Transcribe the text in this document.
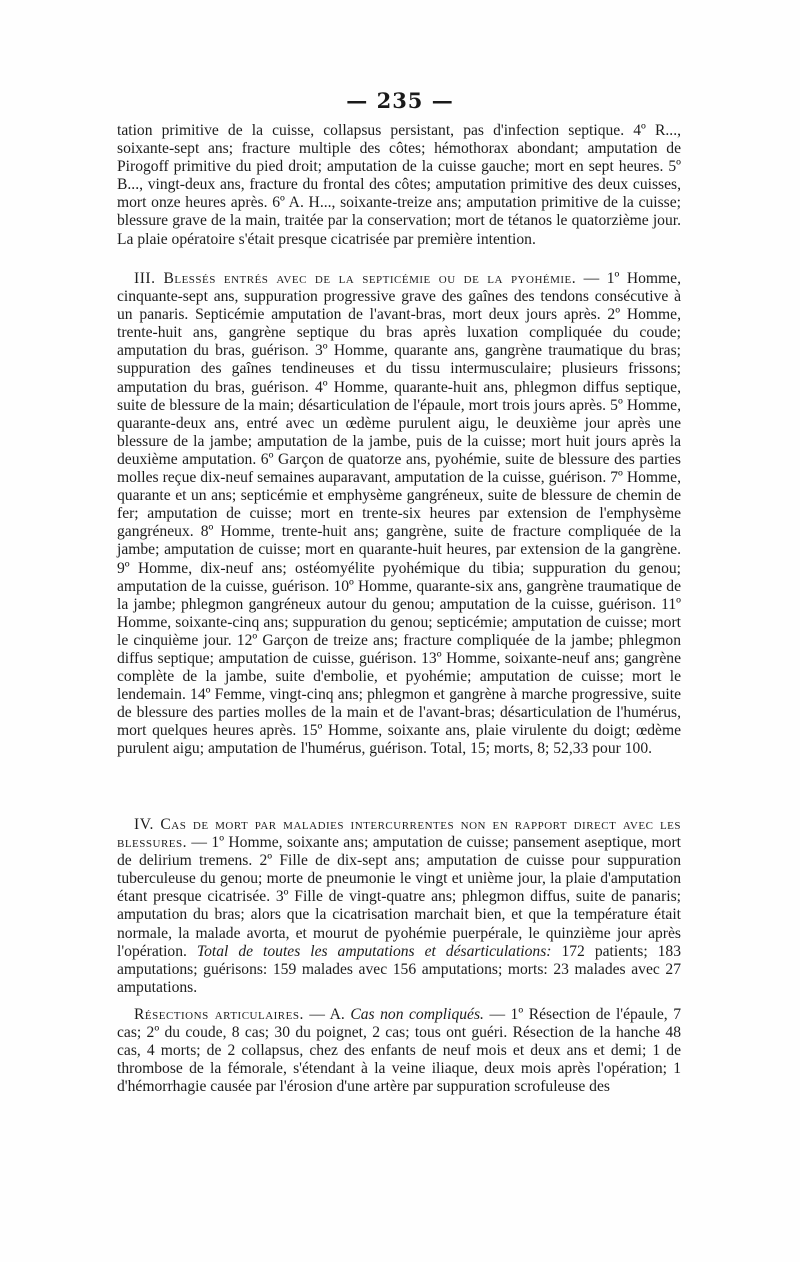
— 235 —

tation primitive de la cuisse, collapsus persistant, pas d'infection septique. 4º R..., soixante-sept ans; fracture multiple des côtes; hémothorax abondant; amputation de Pirogoff primitive du pied droit; amputation de la cuisse gauche; mort en sept heures. 5º B..., vingt-deux ans, fracture du frontal des côtes; amputation primitive des deux cuisses, mort onze heures après. 6º A. H..., soixante-treize ans; amputation primitive de la cuisse; blessure grave de la main, traitée par la conservation; mort de tétanos le quatorzième jour. La plaie opératoire s'était presque cicatrisée par première intention.

III. Blessés entrés avec de la septicémie ou de la pyohémie. — 1º Homme, cinquante-sept ans, suppuration progressive grave des gaînes des tendons consécutive à un panaris. Septicémie amputation de l'avant-bras, mort deux jours après. 2º Homme, trente-huit ans, gangrène septique du bras après luxation compliquée du coude; amputation du bras, guérison. 3º Homme, quarante ans, gangrène traumatique du bras; suppuration des gaînes tendineuses et du tissu intermusculaire; plusieurs frissons; amputation du bras, guérison. 4º Homme, quarante-huit ans, phlegmon diffus septique, suite de blessure de la main; désarticulation de l'épaule, mort trois jours après. 5º Homme, quarante-deux ans, entré avec un œdème purulent aigu, le deuxième jour après une blessure de la jambe; amputation de la jambe, puis de la cuisse; mort huit jours après la deuxième amputation. 6º Garçon de quatorze ans, pyohémie, suite de blessure des parties molles reçue dix-neuf semaines auparavant, amputation de la cuisse, guérison. 7º Homme, quarante et un ans; septicémie et emphysème gangréneux, suite de blessure de chemin de fer; amputation de cuisse; mort en trente-six heures par extension de l'emphysème gangréneux. 8º Homme, trente-huit ans; gangrène, suite de fracture compliquée de la jambe; amputation de cuisse; mort en quarante-huit heures, par extension de la gangrène. 9º Homme, dix-neuf ans; ostéomyélite pyohémique du tibia; suppuration du genou; amputation de la cuisse, guérison. 10º Homme, quarante-six ans, gangrène traumatique de la jambe; phlegmon gangréneux autour du genou; amputation de la cuisse, guérison. 11º Homme, soixante-cinq ans; suppuration du genou; septicémie; amputation de cuisse; mort le cinquième jour. 12º Garçon de treize ans; fracture compliquée de la jambe; phlegmon diffus septique; amputation de cuisse, guérison. 13º Homme, soixante-neuf ans; gangrène complète de la jambe, suite d'embolie, et pyohémie; amputation de cuisse; mort le lendemain. 14º Femme, vingt-cinq ans; phlegmon et gangrène à marche progressive, suite de blessure des parties molles de la main et de l'avant-bras; désarticulation de l'humérus, mort quelques heures après. 15º Homme, soixante ans, plaie virulente du doigt; œdème purulent aigu; amputation de l'humérus, guérison. Total, 15; morts, 8; 52,33 pour 100.

IV. Cas de mort par maladies intercurrentes non en rapport direct avec les blessures. — 1º Homme, soixante ans; amputation de cuisse; pansement aseptique, mort de delirium tremens. 2º Fille de dix-sept ans; amputation de cuisse pour suppuration tuberculeuse du genou; morte de pneumonie le vingt et unième jour, la plaie d'amputation étant presque cicatrisée. 3º Fille de vingt-quatre ans; phlegmon diffus, suite de panaris; amputation du bras; alors que la cicatrisation marchait bien, et que la température était normale, la malade avorta, et mourut de pyohémie puerpérale, le quinzième jour après l'opération. Total de toutes les amputations et désarticulations: 172 patients; 183 amputations; guérisons: 159 malades avec 156 amputations; morts: 23 malades avec 27 amputations.

Résections articulaires. — A. Cas non compliqués. — 1º Résection de l'épaule, 7 cas; 2º du coude, 8 cas; 30 du poignet, 2 cas; tous ont guéri. Résection de la hanche 48 cas, 4 morts; de 2 collapsus, chez des enfants de neuf mois et deux ans et demi; 1 de thrombose de la fémorale, s'étendant à la veine iliaque, deux mois après l'opération; 1 d'hémorrhagie causée par l'érosion d'une artère par suppuration scrofuleuse des
